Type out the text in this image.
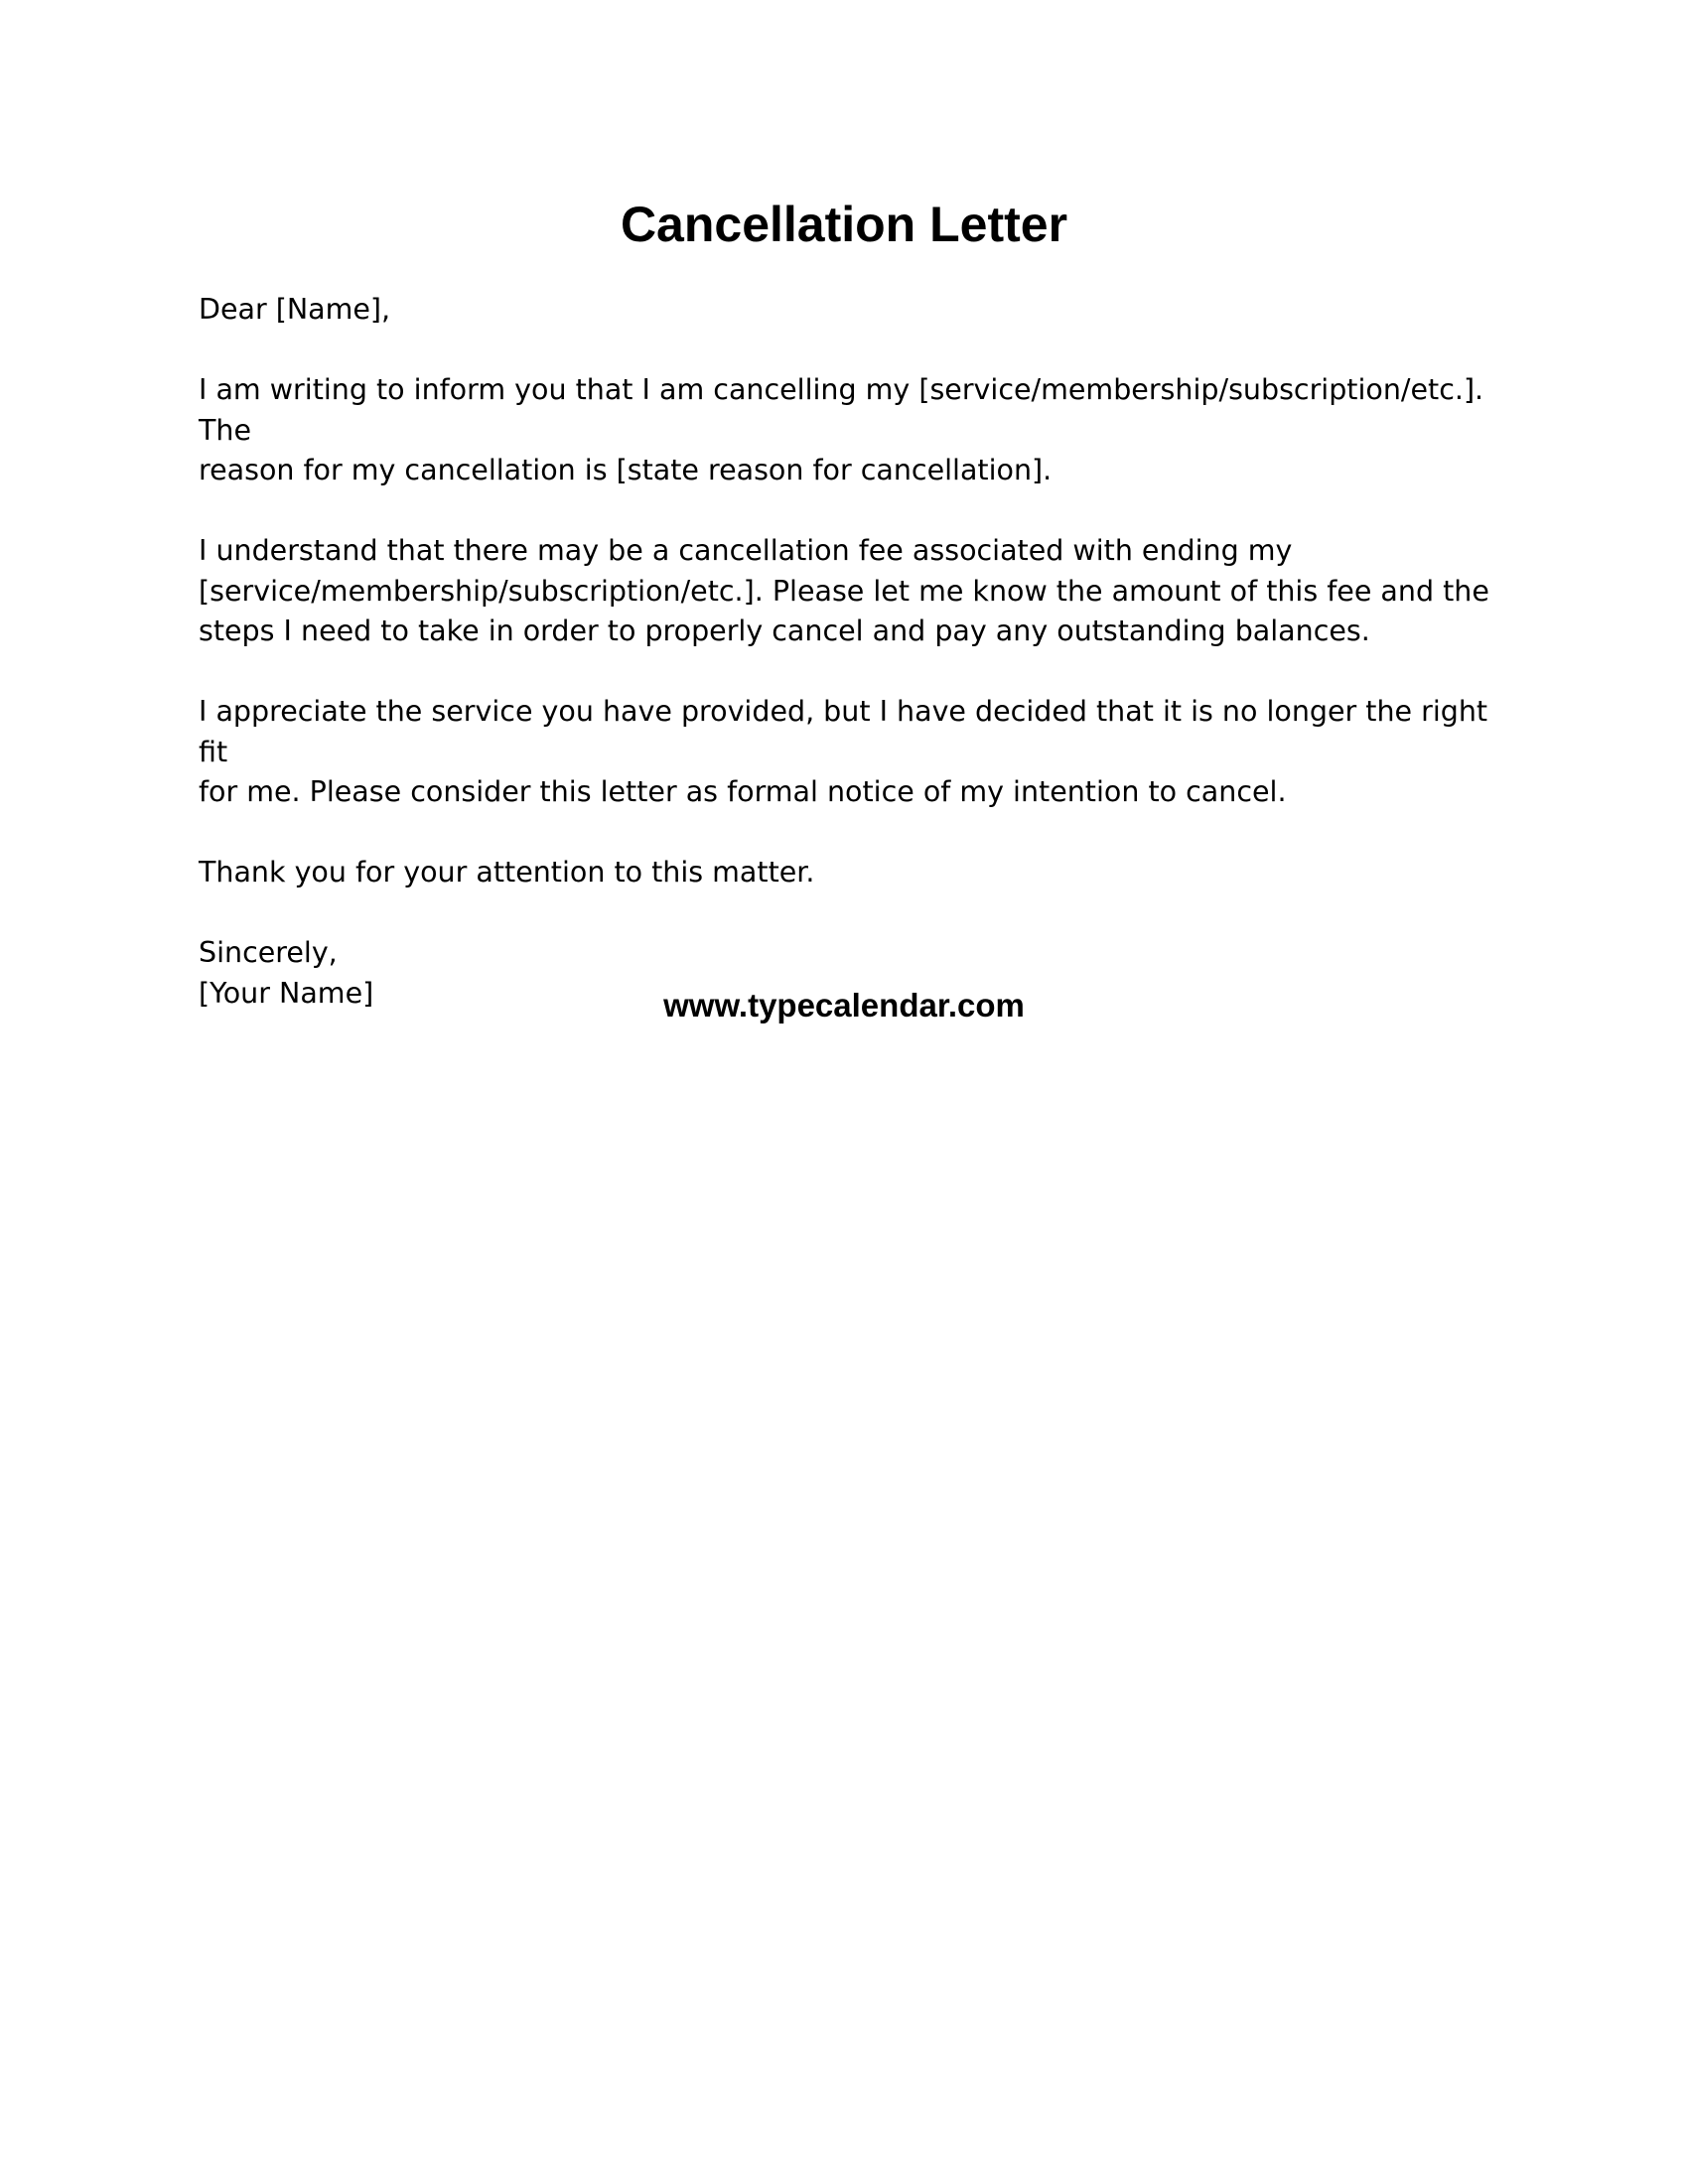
Cancellation Letter

Dear [Name],

I am writing to inform you that I am cancelling my [service/membership/subscription/etc.]. The
reason for my cancellation is [state reason for cancellation].

I understand that there may be a cancellation fee associated with ending my
[service/membership/subscription/etc.]. Please let me know the amount of this fee and the
steps I need to take in order to properly cancel and pay any outstanding balances.

I appreciate the service you have provided, but I have decided that it is no longer the right fit
for me. Please consider this letter as formal notice of my intention to cancel.

Thank you for your attention to this matter.

Sincerely,
[Your Name]	www.typecalendar.com
